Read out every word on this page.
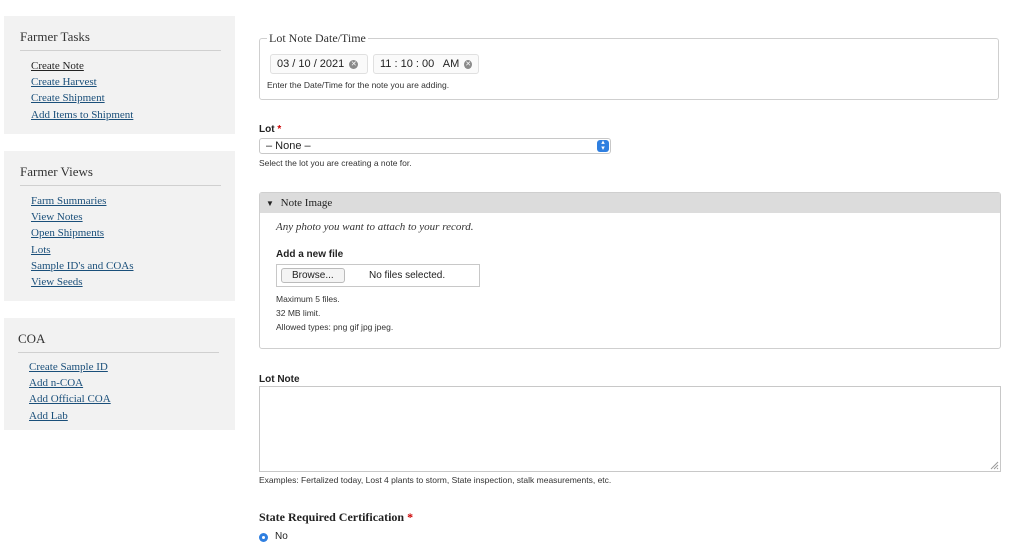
Farmer Tasks
Create Note
Create Harvest
Create Shipment
Add Items to Shipment
Farmer Views
Farm Summaries
View Notes
Open Shipments
Lots
Sample ID's and COAs
View Seeds
COA
Create Sample ID
Add n-COA
Add Official COA
Add Lab
Lot Note Date/Time
03 / 10 / 2021 ✕ 11 : 10 : 00   AM ✕
Enter the Date/Time for the note you are adding.
Lot *
– None –	▴
▾
Select the lot you are creating a note for.
▼ Note Image
Any photo you want to attach to your record.
Add a new file
Browse...	No files selected.
Maximum 5 files.
32 MB limit.
Allowed types: png gif jpg jpeg.
Lot Note
Examples: Fertalized today, Lost 4 plants to storm, State inspection, stalk measurements, etc.
State Required Certification *
No
